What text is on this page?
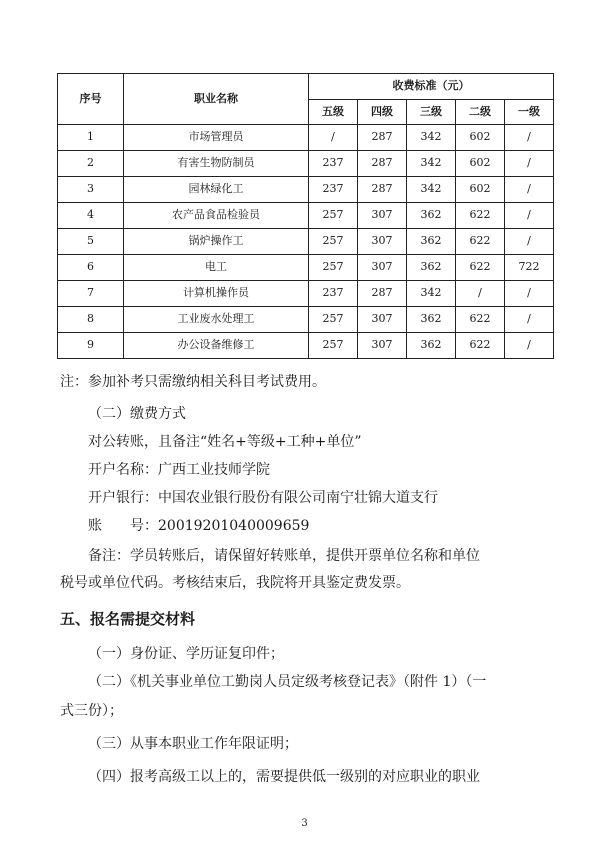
序号	职业名称	收费标准（元）				
		五级	四级	三级	二级	一级
1	市场管理员	/	287	342	602	/
2	有害生物防制员	237	287	342	602	/
3	园林绿化工	237	287	342	602	/
4	农产品食品检验员	257	307	362	622	/
5	锅炉操作工	257	307	362	622	/
6	电工	257	307	362	622	722
7	计算机操作员	237	287	342	/	/
8	工业废水处理工	257	307	362	622	/
9	办公设备维修工	257	307	362	622	/
注：参加补考只需缴纳相关科目考试费用。
（二）缴费方式
对公转账，且备注“姓名+等级+工种+单位”
开户名称：广西工业技师学院
开户银行：中国农业银行股份有限公司南宁壮锦大道支行
账　　号：20019201040009659
备注：学员转账后，请保留好转账单，提供开票单位名称和单位
税号或单位代码。考核结束后，我院将开具鉴定费发票。
五、报名需提交材料
（一）身份证、学历证复印件；
（二）《机关事业单位工勤岗人员定级考核登记表》（附件 1）（一
式三份）；
（三）从事本职业工作年限证明；
（四）报考高级工以上的，需要提供低一级别的对应职业的职业
3
